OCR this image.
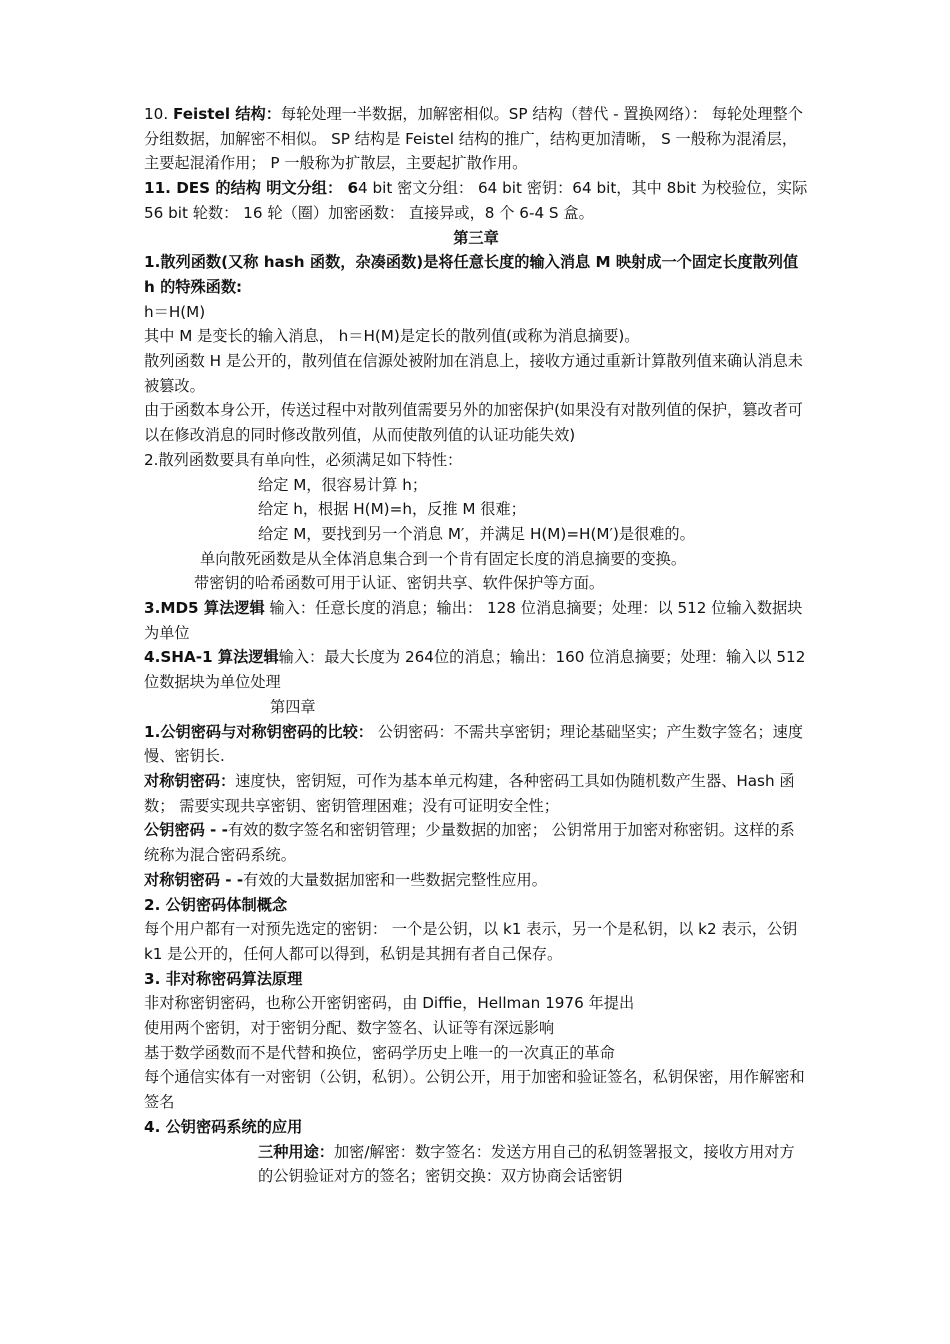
10. Feistel 结构：每轮处理一半数据，加解密相似。SP 结构（替代 - 置换网络）： 每轮处理整个分组数据，加解密不相似。 SP 结构是 Feistel 结构的推广，结构更加清晰， S 一般称为混淆层，主要起混淆作用； P 一般称为扩散层，主要起扩散作用。

11. DES 的结构 明文分组： 64 bit 密文分组： 64 bit 密钥：64 bit，其中 8bit 为校验位，实际 56 bit 轮数： 16 轮（圈）加密函数： 直接异或，8 个 6-4 S 盒。

第三章

1.散列函数(又称 hash 函数，杂凑函数)是将任意长度的输入消息 M 映射成一个固定长度散列值 h 的特殊函数:

h＝H(M)

其中 M 是变长的输入消息， h＝H(M)是定长的散列值(或称为消息摘要)。

散列函数 H 是公开的，散列值在信源处被附加在消息上，接收方通过重新计算散列值来确认消息未被篡改。

由于函数本身公开，传送过程中对散列值需要另外的加密保护(如果没有对散列值的保护，篡改者可以在修改消息的同时修改散列值，从而使散列值的认证功能失效)

2.散列函数要具有单向性，必须满足如下特性：

给定 M，很容易计算 h；

给定 h，根据 H(M)=h，反推 M 很难；

给定 M，要找到另一个消息 M′，并满足 H(M)=H(M′)是很难的。

单向散死函数是从全体消息集合到一个肯有固定长度的消息摘要的变换。

带密钥的哈希函数可用于认证、密钥共享、软件保护等方面。

3.MD5 算法逻辑 输入：任意长度的消息；输出： 128 位消息摘要；处理：以 512 位输入数据块为单位

4.SHA-1 算法逻辑输入：最大长度为 264位的消息；输出：160 位消息摘要；处理：输入以 512 位数据块为单位处理

第四章

1.公钥密码与对称钥密码的比较： 公钥密码：不需共享密钥；理论基础坚实；产生数字签名；速度慢、密钥长.

对称钥密码：速度快，密钥短，可作为基本单元构建，各种密码工具如伪随机数产生器、Hash 函数； 需要实现共享密钥、密钥管理困难；没有可证明安全性；

公钥密码 - -有效的数字签名和密钥管理；少量数据的加密； 公钥常用于加密对称密钥。这样的系统称为混合密码系统。

对称钥密码 - -有效的大量数据加密和一些数据完整性应用。

2. 公钥密码体制概念

每个用户都有一对预先选定的密钥： 一个是公钥，以 k1 表示，另一个是私钥，以 k2 表示，公钥 k1 是公开的，任何人都可以得到，私钥是其拥有者自己保存。

3. 非对称密码算法原理

非对称密钥密码，也称公开密钥密码，由 Diffie，Hellman 1976 年提出

使用两个密钥，对于密钥分配、数字签名、认证等有深远影响

基于数学函数而不是代替和换位，密码学历史上唯一的一次真正的革命

每个通信实体有一对密钥（公钥，私钥）。公钥公开，用于加密和验证签名，私钥保密，用作解密和签名

4. 公钥密码系统的应用

三种用途：加密/解密：数字签名：发送方用自己的私钥签署报文，接收方用对方的公钥验证对方的签名；密钥交换：双方协商会话密钥
